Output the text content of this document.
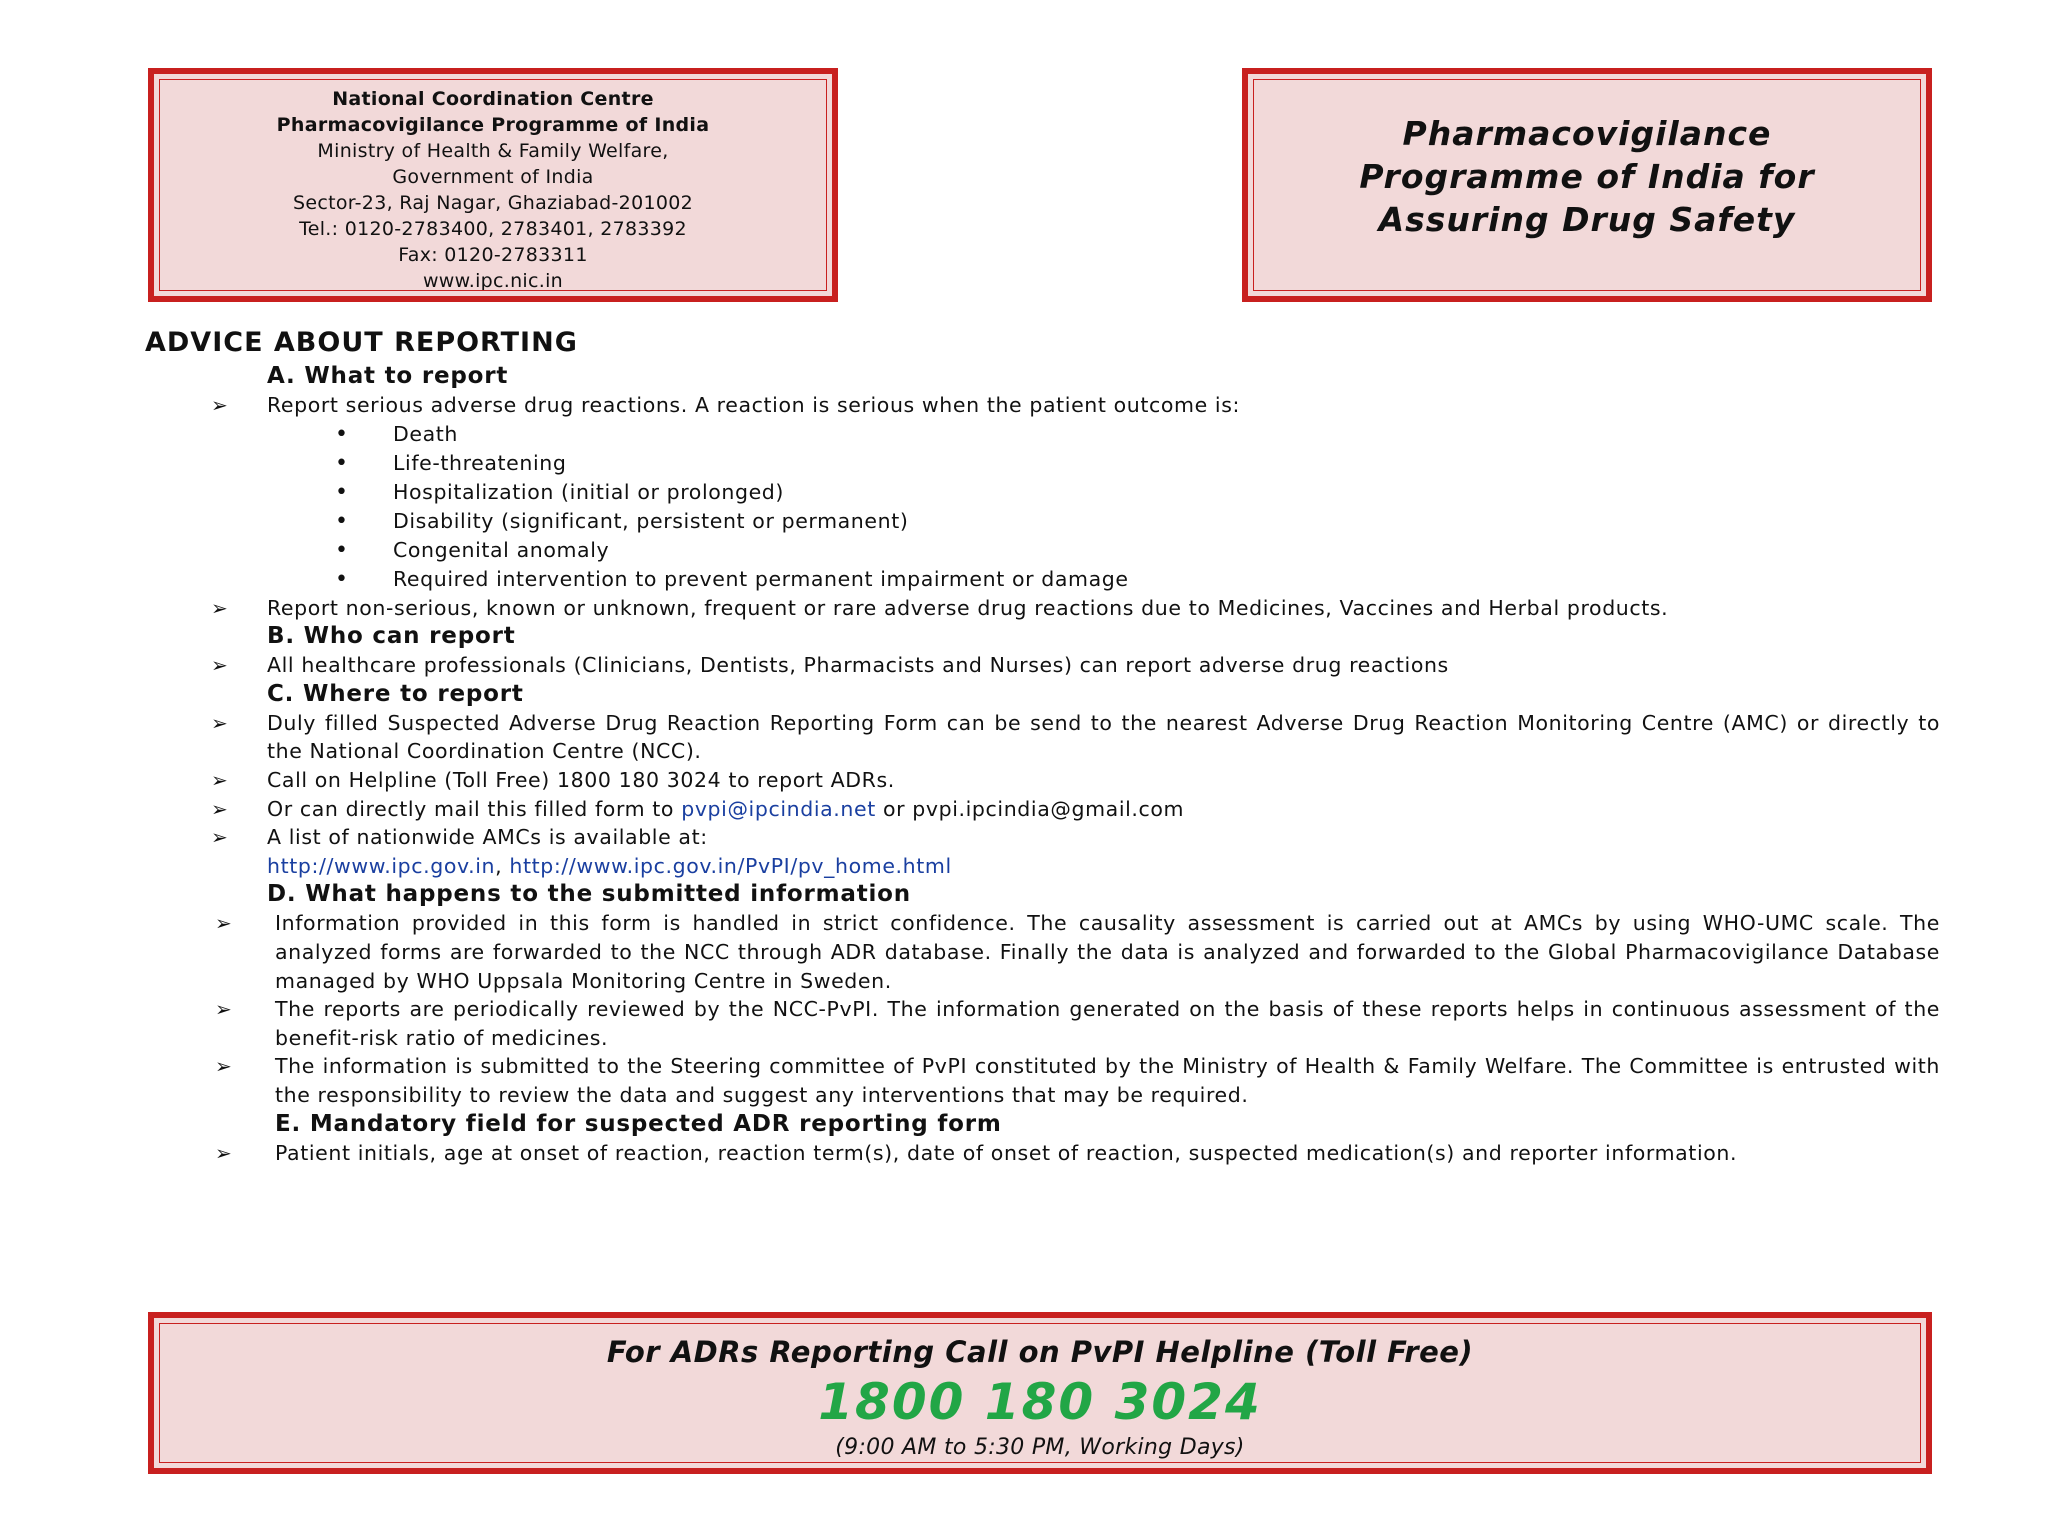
National Coordination Centre
Pharmacovigilance Programme of India
Ministry of Health & Family Welfare,
Government of India
Sector-23, Raj Nagar, Ghaziabad-201002
Tel.: 0120-2783400, 2783401, 2783392
Fax: 0120-2783311
www.ipc.nic.in
Pharmacovigilance
Programme of India for
Assuring Drug Safety
ADVICE ABOUT REPORTING
A. What to report
➢ Report serious adverse drug reactions. A reaction is serious when the patient outcome is:
• Death
• Life-threatening
• Hospitalization (initial or prolonged)
• Disability (significant, persistent or permanent)
• Congenital anomaly
• Required intervention to prevent permanent impairment or damage
➢ Report non-serious, known or unknown, frequent or rare adverse drug reactions due to Medicines, Vaccines and Herbal products.
B. Who can report
➢ All healthcare professionals (Clinicians, Dentists, Pharmacists and Nurses) can report adverse drug reactions
C. Where to report
➢ Duly filled Suspected Adverse Drug Reaction Reporting Form can be send to the nearest Adverse Drug Reaction Monitoring Centre (AMC) or directly to the National Coordination Centre (NCC).
➢ Call on Helpline (Toll Free) 1800 180 3024 to report ADRs.
➢ Or can directly mail this filled form to pvpi@ipcindia.net or pvpi.ipcindia@gmail.com
➢ A list of nationwide AMCs is available at:
http://www.ipc.gov.in, http://www.ipc.gov.in/PvPI/pv_home.html
D. What happens to the submitted information
➢ Information provided in this form is handled in strict confidence. The causality assessment is carried out at AMCs by using WHO-UMC scale. The analyzed forms are forwarded to the NCC through ADR database. Finally the data is analyzed and forwarded to the Global Pharmacovigilance Database managed by WHO Uppsala Monitoring Centre in Sweden.
➢ The reports are periodically reviewed by the NCC-PvPI. The information generated on the basis of these reports helps in continuous assessment of the benefit-risk ratio of medicines.
➢ The information is submitted to the Steering committee of PvPI constituted by the Ministry of Health & Family Welfare. The Committee is entrusted with the responsibility to review the data and suggest any interventions that may be required.
E. Mandatory field for suspected ADR reporting form
➢ Patient initials, age at onset of reaction, reaction term(s), date of onset of reaction, suspected medication(s) and reporter information.
For ADRs Reporting Call on PvPI Helpline (Toll Free)
1800 180 3024
(9:00 AM to 5:30 PM, Working Days)
